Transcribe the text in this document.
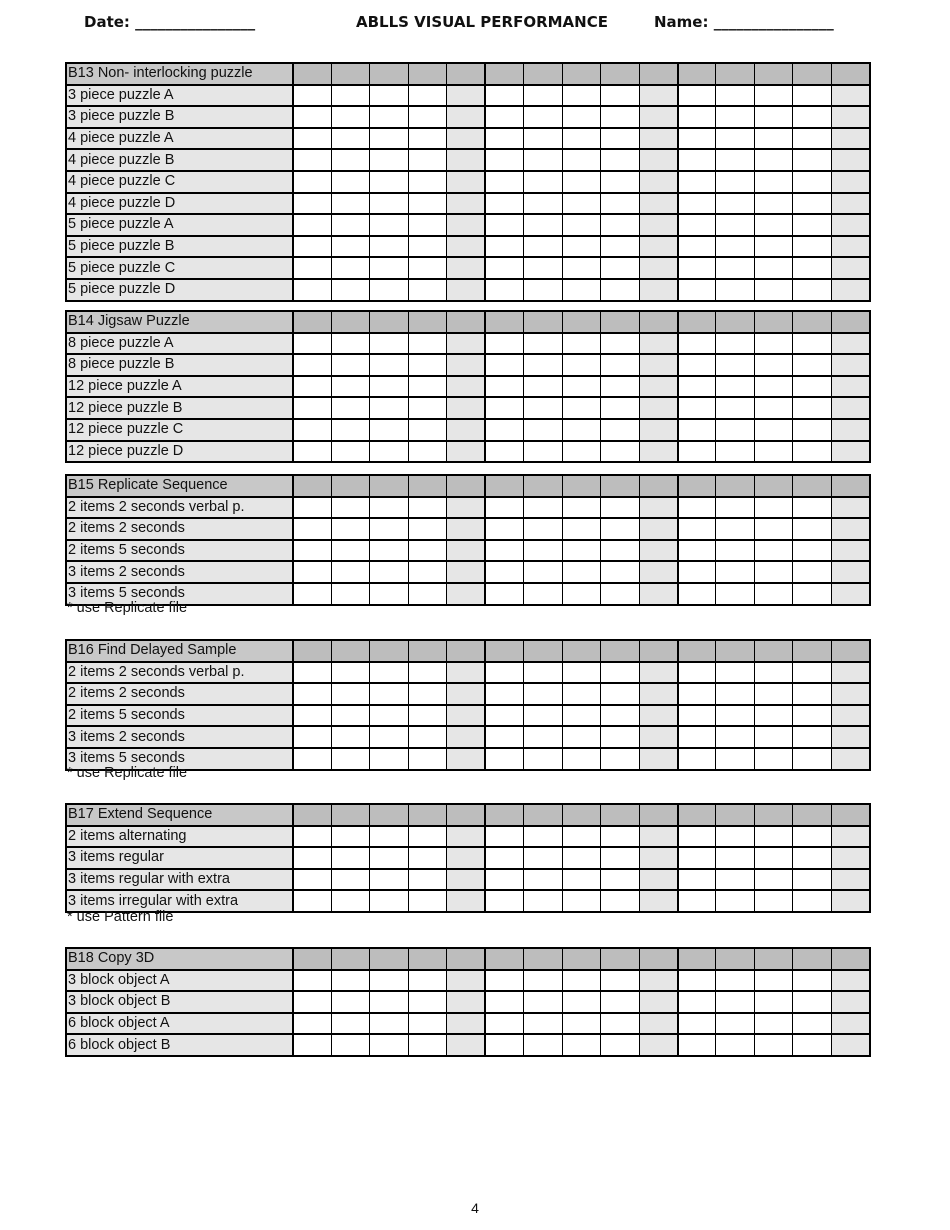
Date: ________________	ABLLS VISUAL PERFORMANCE	Name: ________________
B13 Non- interlocking puzzle															
3 piece puzzle A															
3 piece puzzle B															
4 piece puzzle A															
4 piece puzzle B															
4 piece puzzle C															
4 piece puzzle D															
5 piece puzzle A															
5 piece puzzle B															
5 piece puzzle C															
5 piece puzzle D															
B14 Jigsaw Puzzle															
8 piece puzzle A															
8 piece puzzle B															
12 piece puzzle A															
12 piece puzzle B															
12 piece puzzle C															
12 piece puzzle D															
B15 Replicate Sequence															
2 items 2 seconds verbal p.															
2 items 2 seconds															
2 items 5 seconds															
3 items 2 seconds															
3 items 5 seconds															
* use Replicate file
B16 Find Delayed Sample															
2 items 2 seconds verbal p.															
2 items 2 seconds															
2 items 5 seconds															
3 items 2 seconds															
3 items 5 seconds															
* use Replicate file
B17 Extend Sequence															
2 items alternating															
3 items regular															
3 items regular with extra															
3 items irregular with extra															
* use Pattern file
B18 Copy 3D															
3 block object A															
3 block object B															
6 block object A															
6 block object B															
4
